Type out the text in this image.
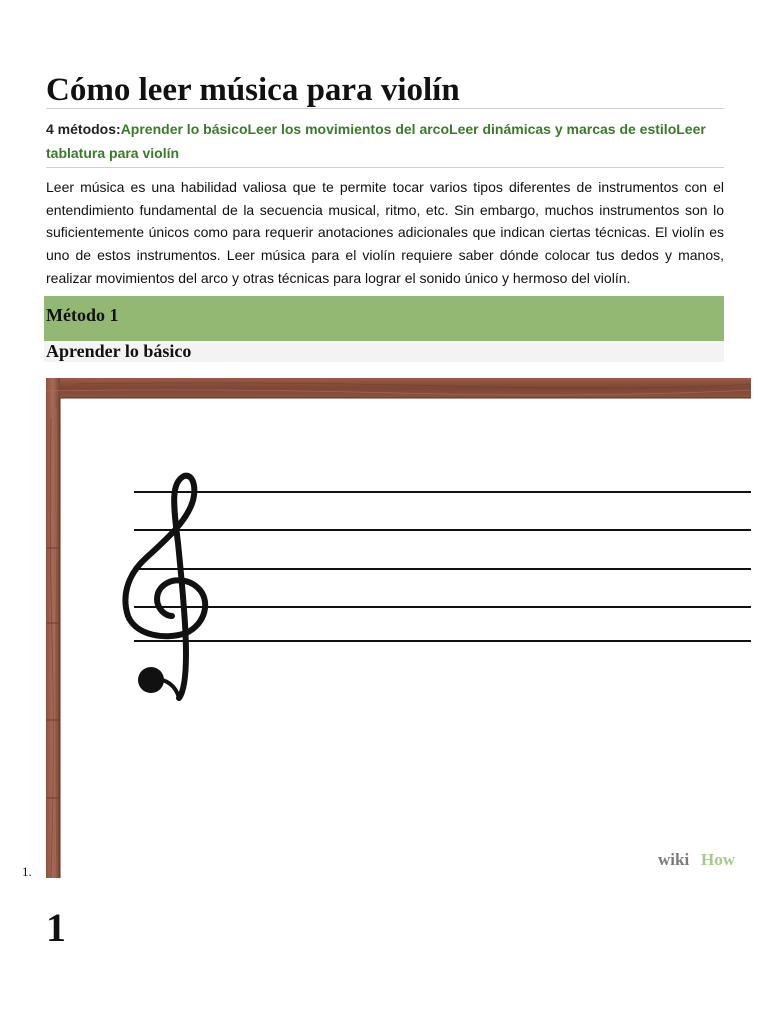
Cómo leer música para violín
4 métodos:Aprender lo básicoLeer los movimientos del arcoLeer dinámicas y marcas de estiloLeer tablatura para violín

Leer música es una habilidad valiosa que te permite tocar varios tipos diferentes de instrumentos con el entendimiento fundamental de la secuencia musical, ritmo, etc. Sin embargo, muchos instrumentos son lo suficientemente únicos como para requerir anotaciones adicionales que indican ciertas técnicas. El violín es uno de estos instrumentos. Leer música para el violín requiere saber dónde colocar tus dedos y manos, realizar movimientos del arco y otras técnicas para lograr el sonido único y hermoso del violín.

Método 1
Aprender lo básico
wiki How
1.
1
